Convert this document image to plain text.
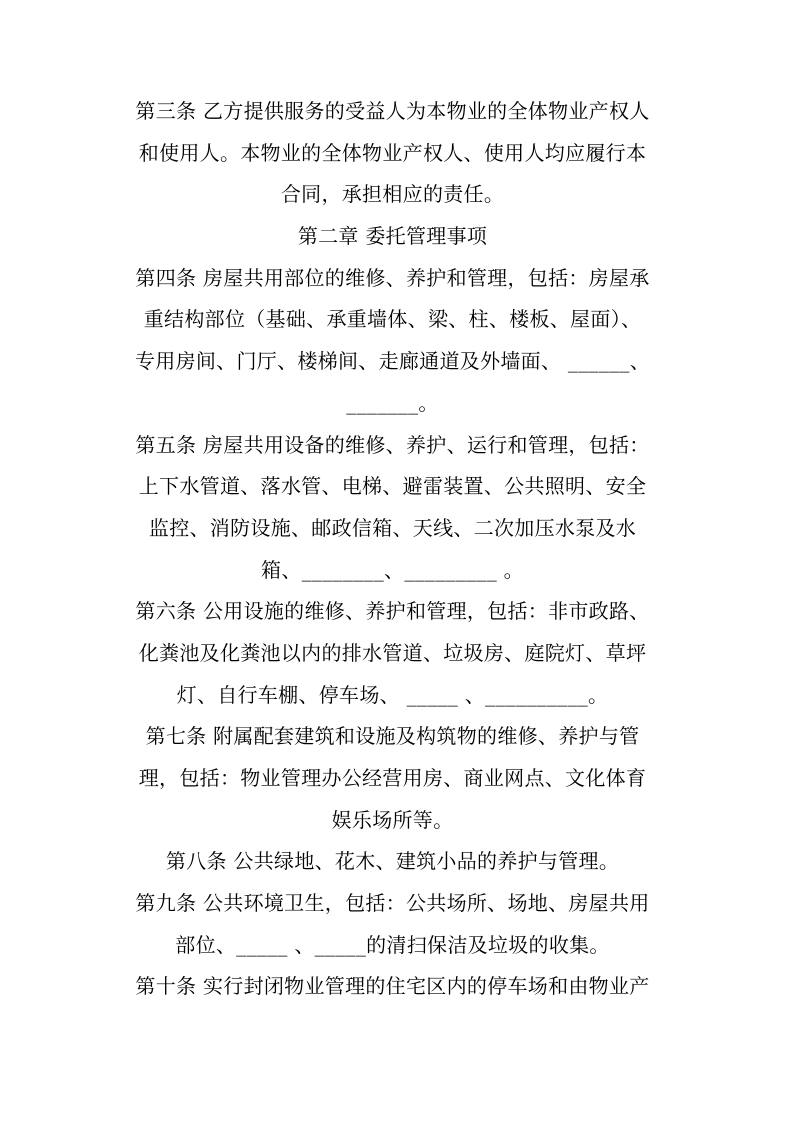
第三条 乙方提供服务的受益人为本物业的全体物业产权人
和使用人。本物业的全体物业产权人、使用人均应履行本
合同，承担相应的责任。
第二章 委托管理事项
第四条 房屋共用部位的维修、养护和管理，包括：房屋承
重结构部位（基础、承重墙体、梁、柱、楼板、屋面）、
专用房间、门厅、楼梯间、走廊通道及外墙面、 ______、
_______。
第五条 房屋共用设备的维修、养护、运行和管理，包括：
上下水管道、落水管、电梯、避雷装置、公共照明、安全
监控、消防设施、邮政信箱、天线、二次加压水泵及水
箱、________、_________ 。
第六条 公用设施的维修、养护和管理，包括：非市政路、
化粪池及化粪池以内的排水管道、垃圾房、庭院灯、草坪
灯、自行车棚、停车场、 _____ 、__________。
第七条 附属配套建筑和设施及构筑物的维修、养护与管
理，包括：物业管理办公经营用房、商业网点、文化体育
娱乐场所等。
第八条 公共绿地、花木、建筑小品的养护与管理。
第九条 公共环境卫生，包括：公共场所、场地、房屋共用
部位、_____ 、_____的清扫保洁及垃圾的收集。
第十条 实行封闭物业管理的住宅区内的停车场和由物业产
